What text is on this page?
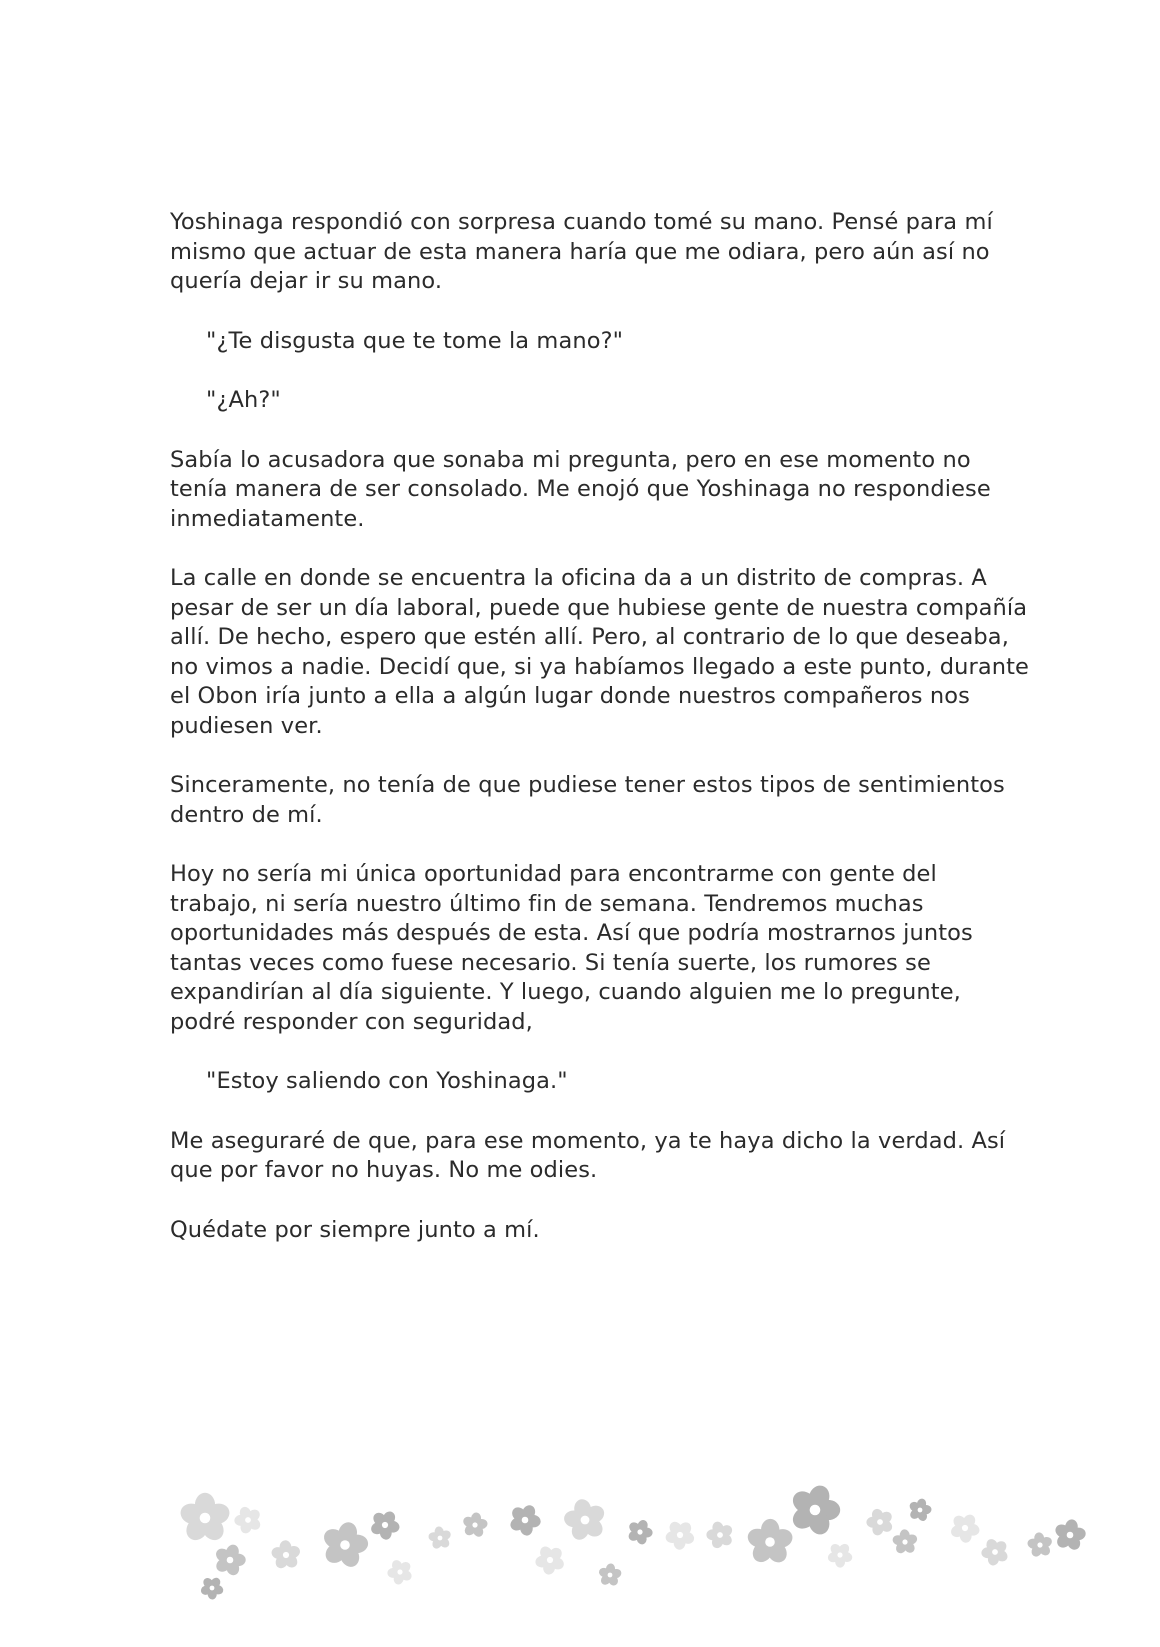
Yoshinaga respondió con sorpresa cuando tomé su mano. Pensé para mí mismo que actuar de esta manera haría que me odiara, pero aún así no quería dejar ir su mano.

"¿Te disgusta que te tome la mano?"

"¿Ah?"

Sabía lo acusadora que sonaba mi pregunta, pero en ese momento no tenía manera de ser consolado. Me enojó que Yoshinaga no respondiese inmediatamente.

La calle en donde se encuentra la oficina da a un distrito de compras. A pesar de ser un día laboral, puede que hubiese gente de nuestra compañía allí. De hecho, espero que estén allí. Pero, al contrario de lo que deseaba, no vimos a nadie. Decidí que, si ya habíamos llegado a este punto, durante el Obon iría junto a ella a algún lugar donde nuestros compañeros nos pudiesen ver.

Sinceramente, no tenía de que pudiese tener estos tipos de sentimientos dentro de mí.

Hoy no sería mi única oportunidad para encontrarme con gente del trabajo, ni sería nuestro último fin de semana. Tendremos muchas oportunidades más después de esta. Así que podría mostrarnos juntos tantas veces como fuese necesario. Si tenía suerte, los rumores se expandirían al día siguiente. Y luego, cuando alguien me lo pregunte, podré responder con seguridad,

"Estoy saliendo con Yoshinaga."

Me aseguraré de que, para ese momento, ya te haya dicho la verdad. Así que por favor no huyas. No me odies.

Quédate por siempre junto a mí.
